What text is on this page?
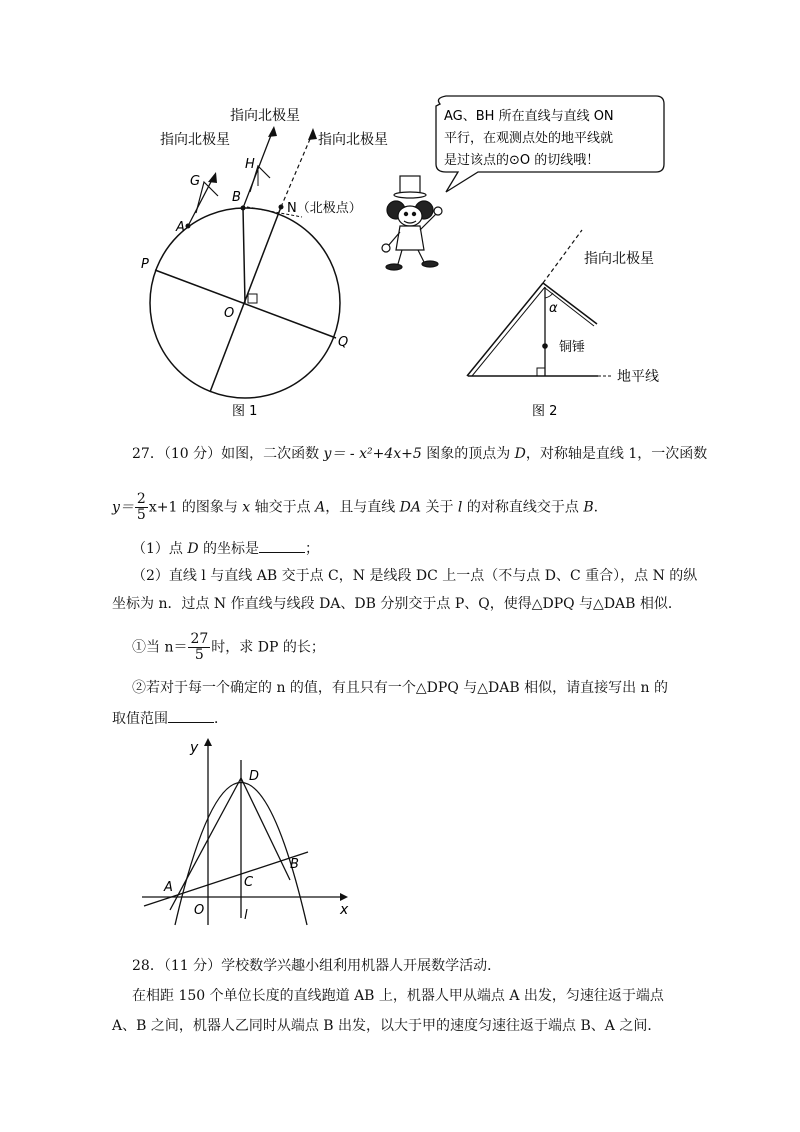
指向北极星
指向北极星
指向北极星
N（北极点）
A
B
G
H
O
P
Q
图 1
AG、BH 所在直线与直线 ON
平行，在观测点处的地平线就
是过该点的⊙O 的切线哦！
指向北极星
α
铜锤
地平线
图 2
27．（10 分）如图，二次函数 y＝ - x²+4x+5 图象的顶点为 D，对称轴是直线 1，一次函数
$y= \frac{2}{5} x+1$ 的图象与 x 轴交于点 A，且与直线 DA 关于 l 的对称直线交于点 B.
（1）点 D 的坐标是	；
（2）直线 l 与直线 AB 交于点 C，N 是线段 DC 上一点（不与点 D、C 重合），点 N 的纵
坐标为 n．过点 N 作直线与线段 DA、DB 分别交于点 P、Q，使得△DPQ 与△DAB 相似．
①当 $n= \frac{27}{5}$ 时，求 DP 的长；
②若对于每一个确定的 n 的值，有且只有一个△DPQ 与△DAB 相似，请直接写出 n 的
取值范围	．
y
x
D
A
O
B
C
l
28．（11 分）学校数学兴趣小组利用机器人开展数学活动．
在相距 150 个单位长度的直线跑道 AB 上，机器人甲从端点 A 出发，匀速往返于端点
A、B 之间，机器人乙同时从端点 B 出发，以大于甲的速度匀速往返于端点 B、A 之间．
